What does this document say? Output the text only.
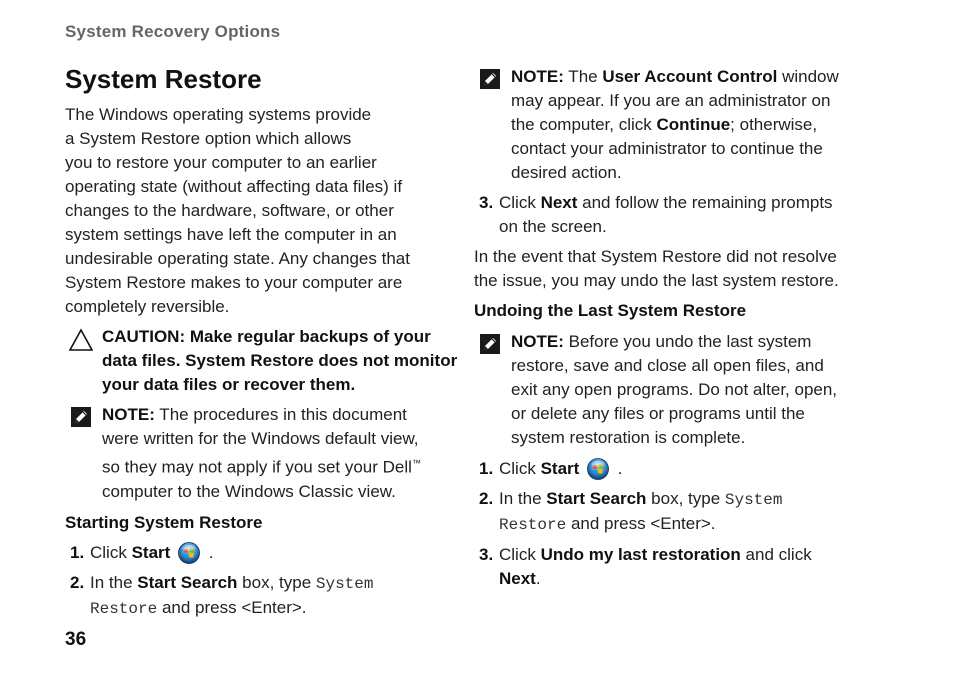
System Recovery Options
System Restore

The Windows operating systems provide
a System Restore option which allows
you to restore your computer to an earlier
operating state (without affecting data files) if
changes to the hardware, software, or other
system settings have left the computer in an
undesirable operating state. Any changes that
System Restore makes to your computer are
completely reversible.

CAUTION: Make regular backups of your
data files. System Restore does not monitor
your data files or recover them.
NOTE: The procedures in this document
were written for the Windows default view,
so they may not apply if you set your Dell™
computer to the Windows Classic view.
Starting System Restore
1. Click Start  .
2. In the Start Search box, type System
Restore and press <Enter>.
NOTE: The User Account Control window
may appear. If you are an administrator on
the computer, click Continue; otherwise,
contact your administrator to continue the
desired action.
3. Click Next and follow the remaining prompts
on the screen.

In the event that System Restore did not resolve
the issue, you may undo the last system restore.

Undoing the Last System Restore
NOTE: Before you undo the last system
restore, save and close all open files, and
exit any open programs. Do not alter, open,
or delete any files or programs until the
system restoration is complete.
1. Click Start  .
2. In the Start Search box, type System
Restore and press <Enter>.
3. Click Undo my last restoration and click
Next.
36
